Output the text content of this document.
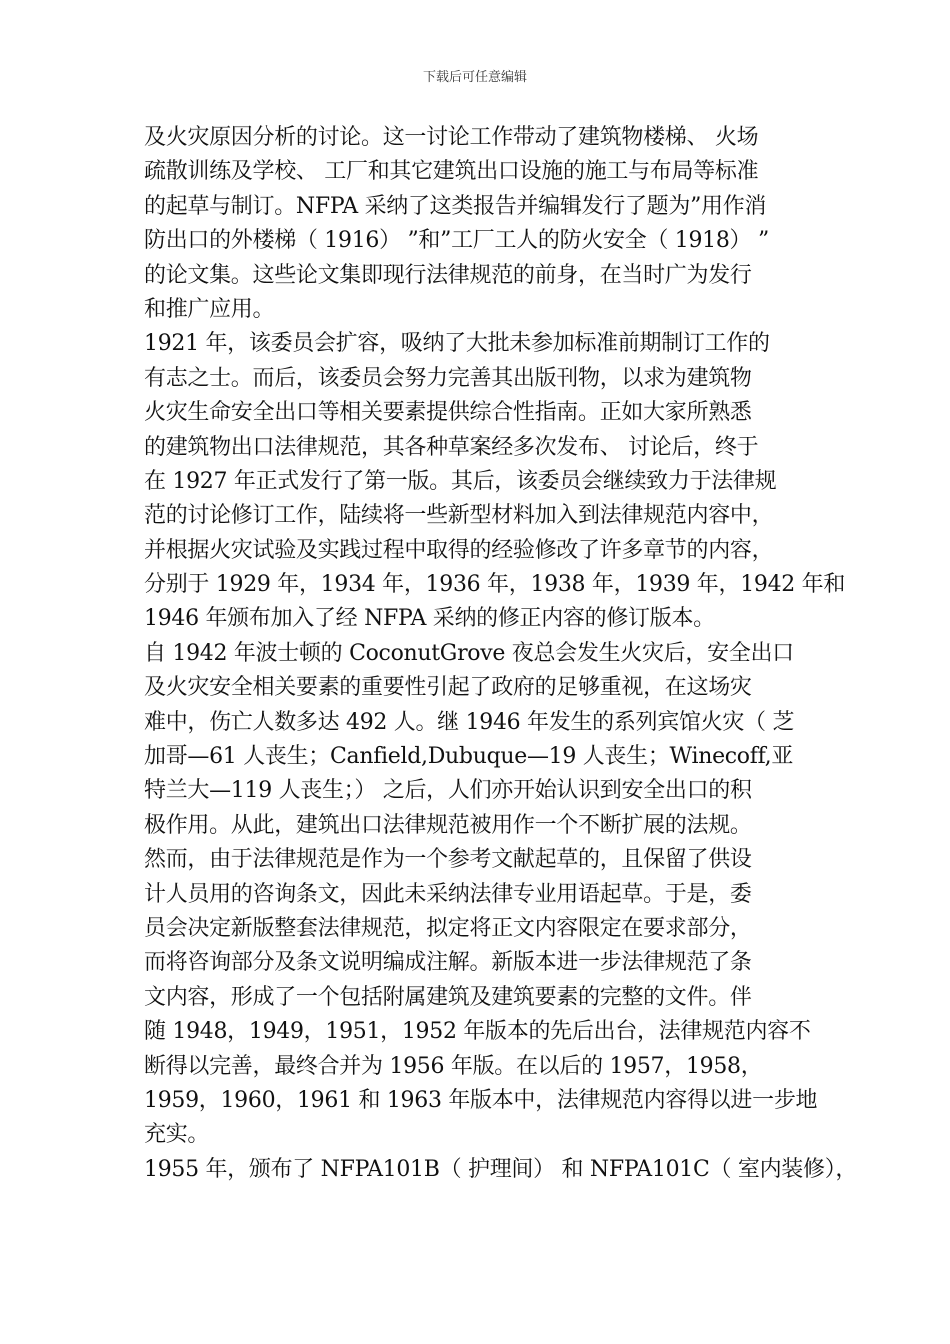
下载后可任意编辑
及火灾原因分析的讨论。这一讨论工作带动了建筑物楼梯、 火场
疏散训练及学校、 工厂和其它建筑出口设施的施工与布局等标准
的起草与制订。NFPA 采纳了这类报告并编辑发行了题为”用作消
防出口的外楼梯（ 1916） ”和”工厂工人的防火安全（ 1918） ”
的论文集。这些论文集即现行法律规范的前身，在当时广为发行
和推广应用。
1921 年，该委员会扩容，吸纳了大批未参加标准前期制订工作的
有志之士。而后，该委员会努力完善其出版刊物，以求为建筑物
火灾生命安全出口等相关要素提供综合性指南。正如大家所熟悉
的建筑物出口法律规范，其各种草案经多次发布、 讨论后，终于
在 1927 年正式发行了第一版。其后，该委员会继续致力于法律规
范的讨论修订工作，陆续将一些新型材料加入到法律规范内容中，
并根据火灾试验及实践过程中取得的经验修改了许多章节的内容，
分别于 1929 年，1934 年，1936 年，1938 年，1939 年，1942 年和
1946 年颁布加入了经 NFPA 采纳的修正内容的修订版本。
自 1942 年波士顿的 CoconutGrove 夜总会发生火灾后，安全出口
及火灾安全相关要素的重要性引起了政府的足够重视，在这场灾
难中，伤亡人数多达 492 人。继 1946 年发生的系列宾馆火灾（ 芝
加哥—61 人丧生；Canfield,Dubuque—19 人丧生；Winecoff,亚
特兰大—119 人丧生；） 之后，人们亦开始认识到安全出口的积
极作用。从此，建筑出口法律规范被用作一个不断扩展的法规。
然而，由于法律规范是作为一个参考文献起草的，且保留了供设
计人员用的咨询条文，因此未采纳法律专业用语起草。于是，委
员会决定新版整套法律规范，拟定将正文内容限定在要求部分，
而将咨询部分及条文说明编成注解。新版本进一步法律规范了条
文内容，形成了一个包括附属建筑及建筑要素的完整的文件。伴
随 1948，1949，1951，1952 年版本的先后出台，法律规范内容不
断得以完善，最终合并为 1956 年版。在以后的 1957，1958，
1959，1960，1961 和 1963 年版本中，法律规范内容得以进一步地
充实。
1955 年，颁布了 NFPA101B（ 护理间） 和 NFPA101C（ 室内装修），
